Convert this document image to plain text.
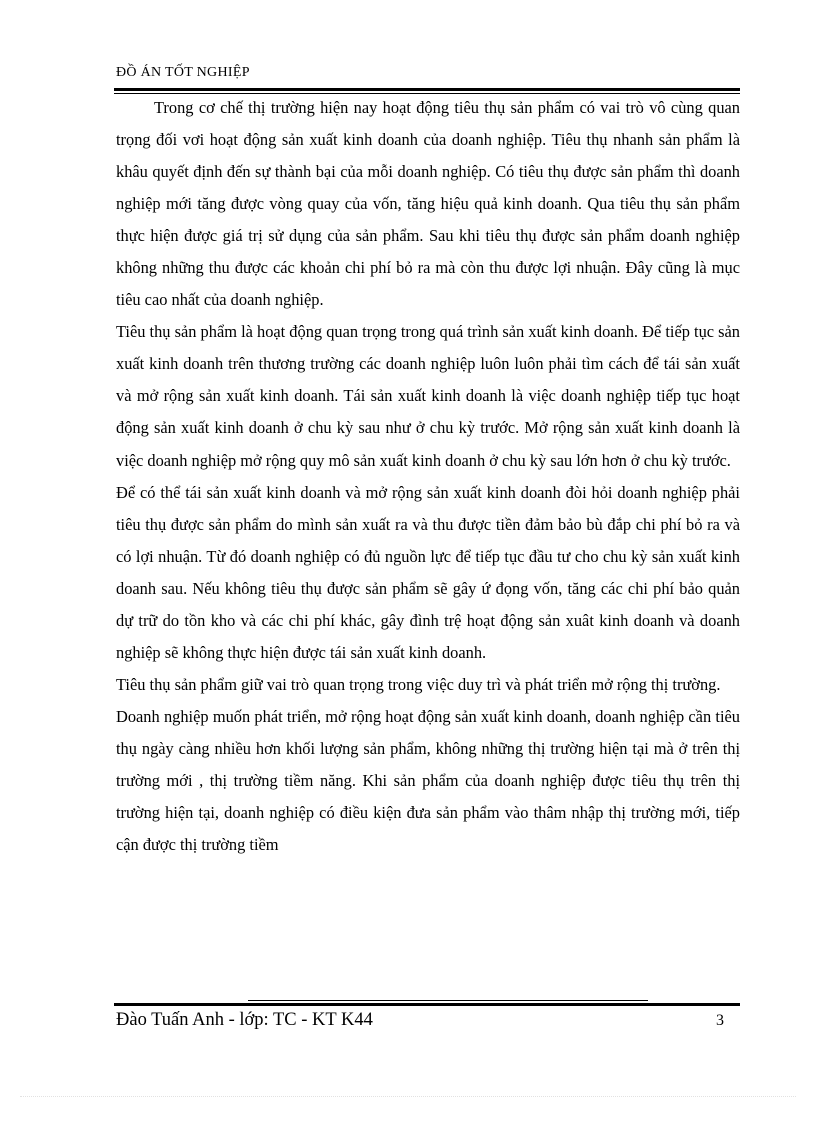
ĐỒ ÁN TỐT NGHIỆP

Trong cơ chế thị trường hiện nay hoạt động tiêu thụ sản phẩm có vai trò vô cùng quan trọng đối vơi hoạt động sản xuất kinh doanh của doanh nghiệp. Tiêu thụ nhanh sản phẩm là khâu quyết định đến sự thành bại của mỗi doanh nghiệp. Có tiêu thụ được sản phẩm thì doanh nghiệp mới tăng được vòng quay của vốn, tăng hiệu quả kinh doanh. Qua tiêu thụ sản phẩm thực hiện được giá trị sử dụng của sản phẩm. Sau khi tiêu thụ được sản phẩm doanh nghiệp không những thu được các khoản chi phí bỏ ra mà còn thu được lợi nhuận. Đây cũng là mục tiêu cao nhất của doanh nghiệp.

Tiêu thụ sản phẩm là hoạt động quan trọng trong quá trình sản xuất kinh doanh. Để tiếp tục sản xuất kinh doanh trên thương trường các doanh nghiệp luôn luôn phải tìm cách để tái sản xuất và mở rộng sản xuất kinh doanh. Tái sản xuất kinh doanh là việc doanh nghiệp tiếp tục hoạt động sản xuất kinh doanh ở chu kỳ sau như ở chu kỳ trước. Mở rộng sản xuất kinh doanh là việc doanh nghiệp mở rộng quy mô sản xuất kinh doanh ở chu kỳ sau lớn hơn ở chu kỳ trước.

Để có thể tái sản xuất kinh doanh và mở rộng sản xuất kinh doanh đòi hỏi doanh nghiệp phải tiêu thụ được sản phẩm do mình sản xuất ra và thu được tiền đảm bảo bù đắp chi phí bỏ ra và có lợi nhuận. Từ đó doanh nghiệp có đủ nguồn lực để tiếp tục đầu tư cho chu kỳ sản xuất kinh doanh sau. Nếu không tiêu thụ được sản phẩm sẽ gây ứ đọng vốn, tăng các chi phí bảo quản dự trữ do tồn kho và các chi phí khác, gây đình trệ hoạt động sản xuât kinh doanh và doanh nghiệp sẽ không thực hiện được tái sản xuất kinh doanh.

Tiêu thụ sản phẩm giữ vai trò quan trọng trong việc duy trì và phát triển mở rộng thị trường.

Doanh nghiệp muốn phát triển, mở rộng hoạt động sản xuất kinh doanh, doanh nghiệp cần tiêu thụ ngày càng nhiều hơn khối lượng sản phẩm, không những thị trường hiện tại mà ở trên thị trường mới , thị trường tiềm năng. Khi sản phẩm của doanh nghiệp được tiêu thụ trên thị trường hiện tại, doanh nghiệp có điều kiện đưa sản phẩm vào thâm nhập thị trường mới, tiếp cận được thị trường tiềm

Đào Tuấn Anh - lớp: TC - KT K44	3
